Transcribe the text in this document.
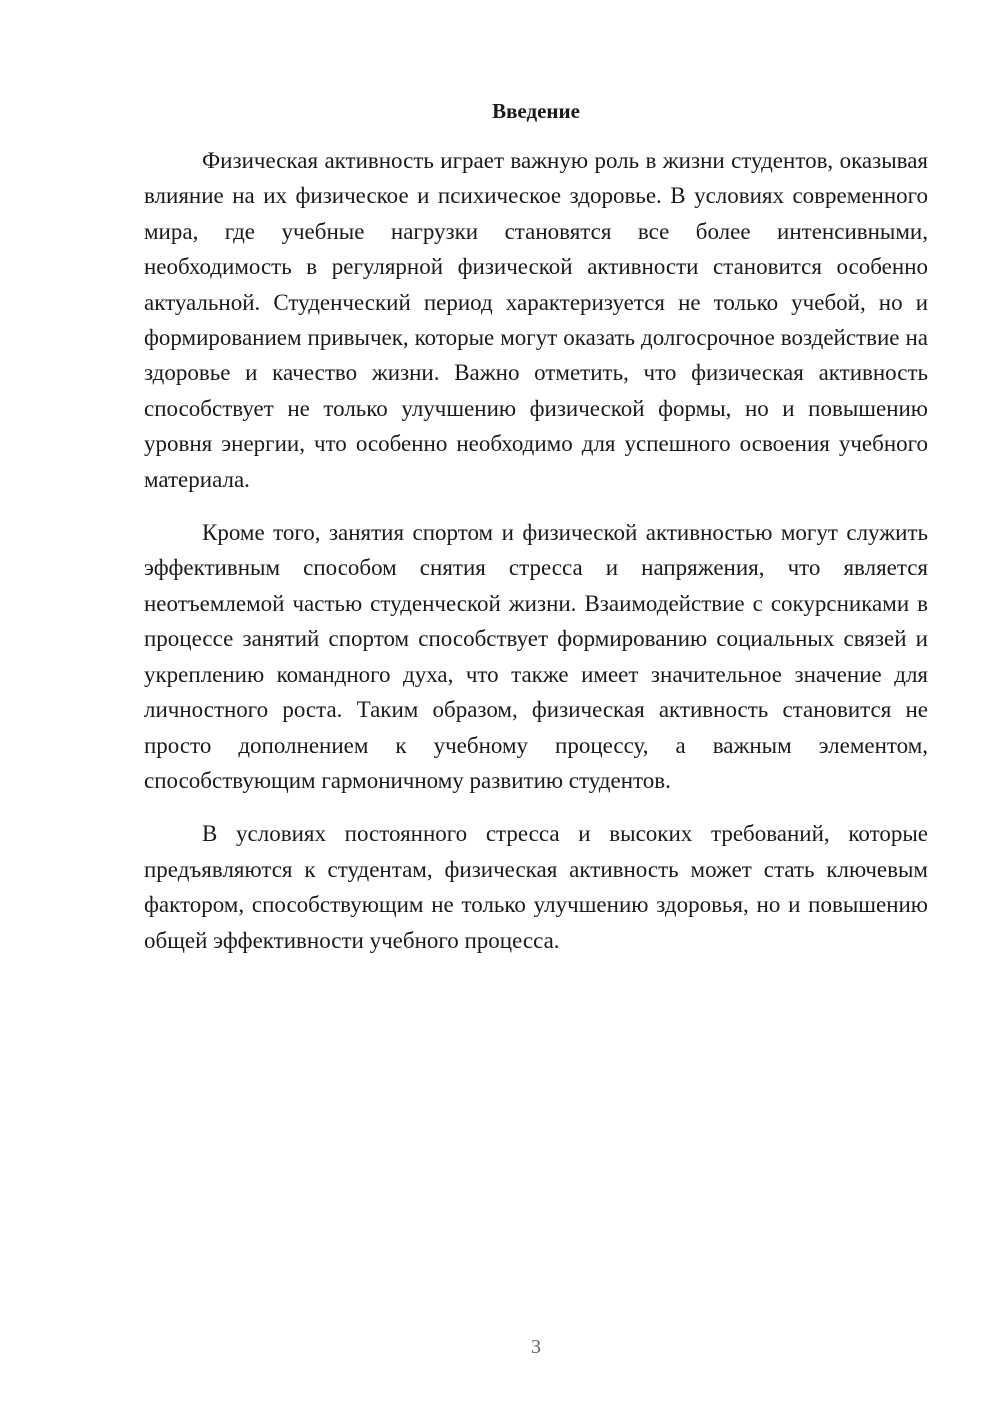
Введение

Физическая активность играет важную роль в жизни студентов, оказывая влияние на их физическое и психическое здоровье. В условиях современного мира, где учебные нагрузки становятся все более интенсивными, необходимость в регулярной физической активности становится особенно актуальной. Студенческий период характеризуется не только учебой, но и формированием привычек, которые могут оказать долгосрочное воздействие на здоровье и качество жизни. Важно отметить, что физическая активность способствует не только улучшению физической формы, но и повышению уровня энергии, что особенно необходимо для успешного освоения учебного материала.

Кроме того, занятия спортом и физической активностью могут служить эффективным способом снятия стресса и напряжения, что является неотъемлемой частью студенческой жизни. Взаимодействие с сокурсниками в процессе занятий спортом способствует формированию социальных связей и укреплению командного духа, что также имеет значительное значение для личностного роста. Таким образом, физическая активность становится не просто дополнением к учебному процессу, а важным элементом, способствующим гармоничному развитию студентов.

В условиях постоянного стресса и высоких требований, которые предъявляются к студентам, физическая активность может стать ключевым фактором, способствующим не только улучшению здоровья, но и повышению общей эффективности учебного процесса.

3
